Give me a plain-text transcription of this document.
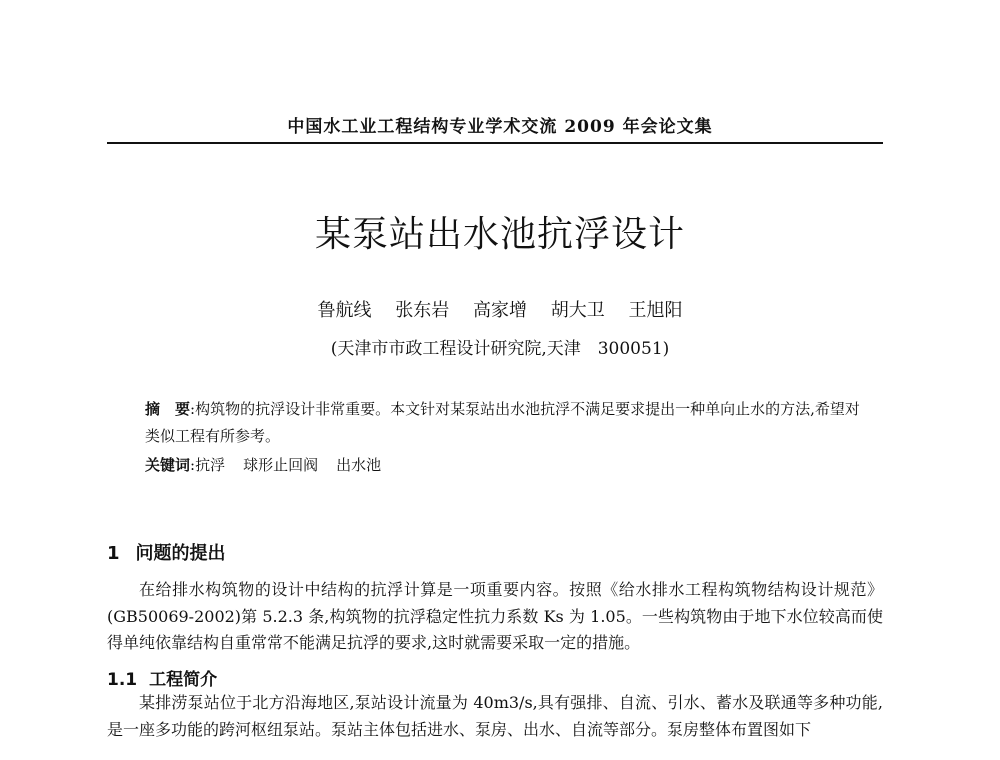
中国水工业工程结构专业学术交流 2009 年会论文集
某泵站出水池抗浮设计
鲁航线 张东岩 高家增 胡大卫 王旭阳
(天津市市政工程设计研究院,天津　300051)
摘　要:构筑物的抗浮设计非常重要。本文针对某泵站出水池抗浮不满足要求提出一种单向止水的方法,希望对类似工程有所参考。
关键词:抗浮 球形止回阀 出水池
1 问题的提出
在给排水构筑物的设计中结构的抗浮计算是一项重要内容。按照《给水排水工程构筑物结构设计规范》(GB50069-2002)第 5.2.3 条,构筑物的抗浮稳定性抗力系数 Ks 为 1.05。一些构筑物由于地下水位较高而使得单纯依靠结构自重常常不能满足抗浮的要求,这时就需要采取一定的措施。
1.1 工程简介
某排涝泵站位于北方沿海地区,泵站设计流量为 40m3/s,具有强排、自流、引水、蓄水及联通等多种功能,是一座多功能的跨河枢纽泵站。泵站主体包括进水、泵房、出水、自流等部分。泵房整体布置图如下
